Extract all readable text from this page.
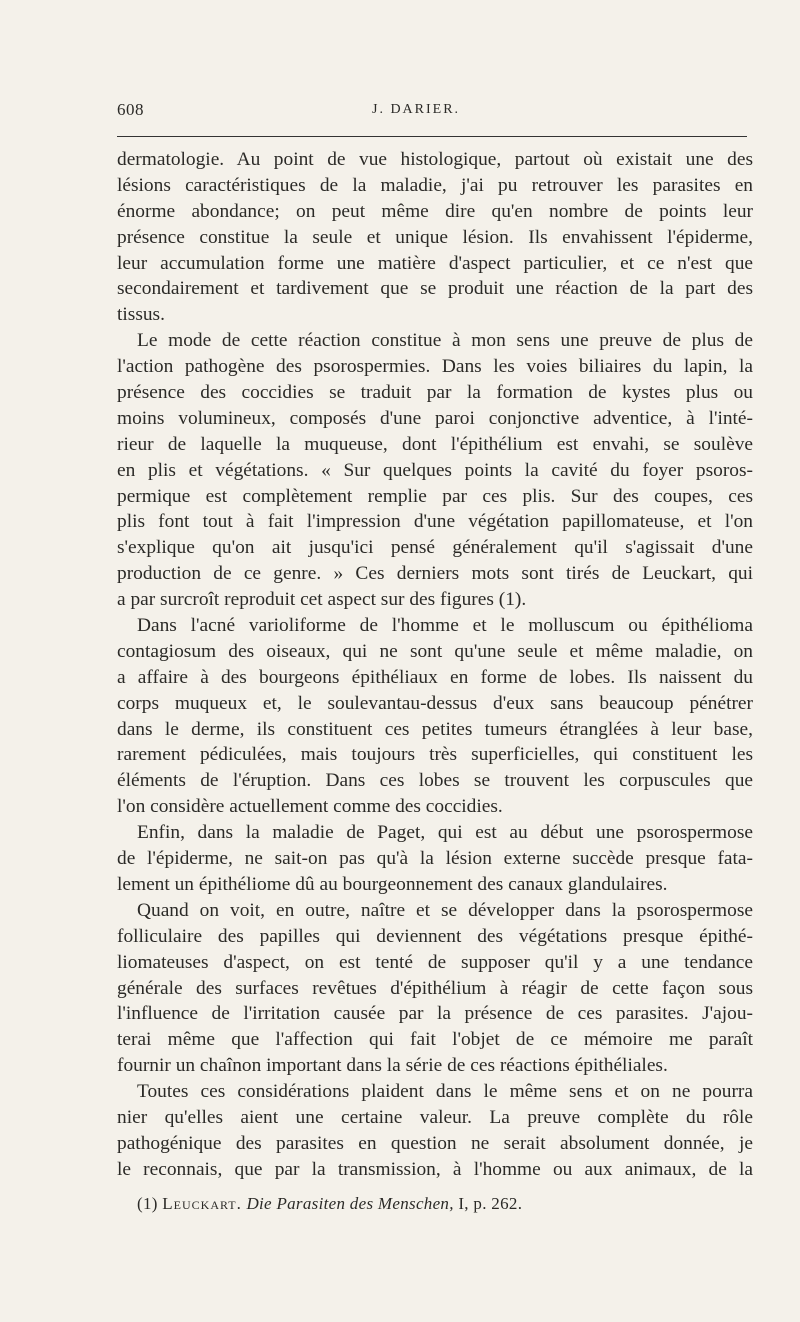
608	J. DARIER.
dermatologie. Au point de vue histologique, partout où existait une des
lésions caractéristiques de la maladie, j'ai pu retrouver les parasites en
énorme abondance; on peut même dire qu'en nombre de points leur
présence constitue la seule et unique lésion. Ils envahissent l'épiderme,
leur accumulation forme une matière d'aspect particulier, et ce n'est que
secondairement et tardivement que se produit une réaction de la part des
tissus.
Le mode de cette réaction constitue à mon sens une preuve de plus de
l'action pathogène des psorospermies. Dans les voies biliaires du lapin, la
présence des coccidies se traduit par la formation de kystes plus ou
moins volumineux, composés d'une paroi conjonctive adventice, à l'inté-
rieur de laquelle la muqueuse, dont l'épithélium est envahi, se soulève
en plis et végétations. « Sur quelques points la cavité du foyer psoros-
permique est complètement remplie par ces plis. Sur des coupes, ces
plis font tout à fait l'impression d'une végétation papillomateuse, et l'on
s'explique qu'on ait jusqu'ici pensé généralement qu'il s'agissait d'une
production de ce genre. » Ces derniers mots sont tirés de Leuckart, qui
a par surcroît reproduit cet aspect sur des figures (1).
Dans l'acné varioliforme de l'homme et le molluscum ou épithélioma
contagiosum des oiseaux, qui ne sont qu'une seule et même maladie, on
a affaire à des bourgeons épithéliaux en forme de lobes. Ils naissent du
corps muqueux et, le soulevantau-dessus d'eux sans beaucoup pénétrer
dans le derme, ils constituent ces petites tumeurs étranglées à leur base,
rarement pédiculées, mais toujours très superficielles, qui constituent les
éléments de l'éruption. Dans ces lobes se trouvent les corpuscules que
l'on considère actuellement comme des coccidies.
Enfin, dans la maladie de Paget, qui est au début une psorospermose
de l'épiderme, ne sait-on pas qu'à la lésion externe succède presque fata-
lement un épithéliome dû au bourgeonnement des canaux glandulaires.
Quand on voit, en outre, naître et se développer dans la psorospermose
folliculaire des papilles qui deviennent des végétations presque épithé-
liomateuses d'aspect, on est tenté de supposer qu'il y a une tendance
générale des surfaces revêtues d'épithélium à réagir de cette façon sous
l'influence de l'irritation causée par la présence de ces parasites. J'ajou-
terai même que l'affection qui fait l'objet de ce mémoire me paraît
fournir un chaînon important dans la série de ces réactions épithéliales.
Toutes ces considérations plaident dans le même sens et on ne pourra
nier qu'elles aient une certaine valeur. La preuve complète du rôle
pathogénique des parasites en question ne serait absolument donnée, je
le reconnais, que par la transmission, à l'homme ou aux animaux, de la
(1) Leuckart. Die Parasiten des Menschen, I, p. 262.
